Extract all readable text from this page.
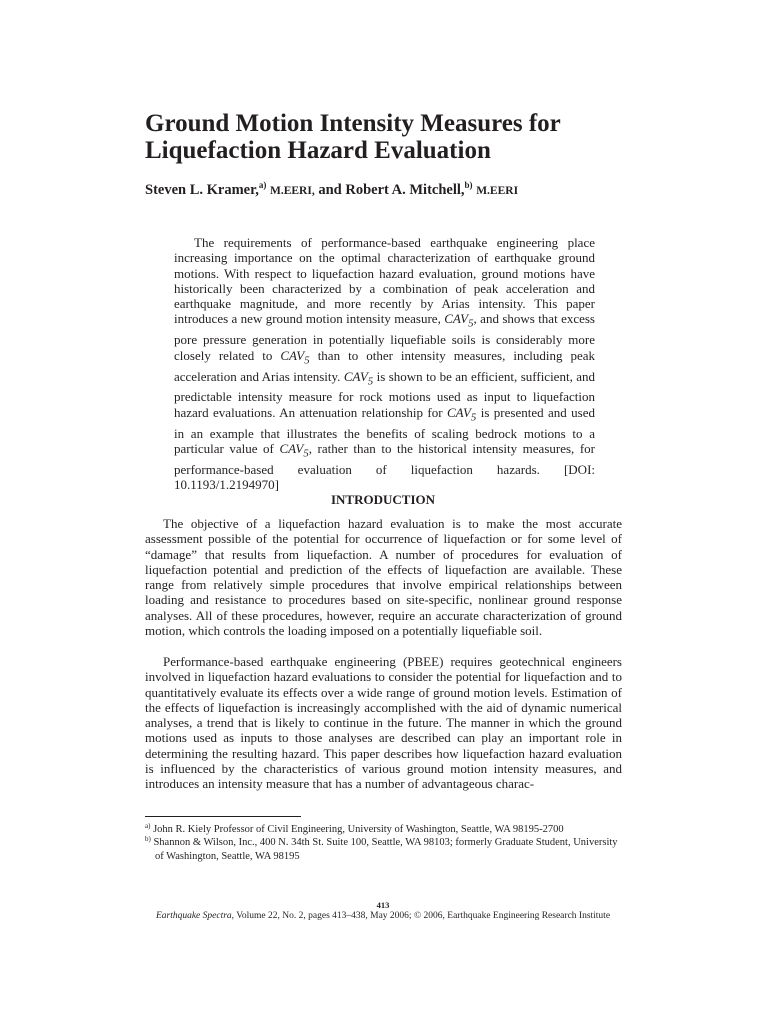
Ground Motion Intensity Measures for Liquefaction Hazard Evaluation

Steven L. Kramer,$^{a)}$ M.EERI, and Robert A. Mitchell,$^{b)}$ M.EERI

The requirements of performance-based earthquake engineering place increasing importance on the optimal characterization of earthquake ground motions. With respect to liquefaction hazard evaluation, ground motions have historically been characterized by a combination of peak acceleration and earthquake magnitude, and more recently by Arias intensity. This paper introduces a new ground motion intensity measure, $CAV_5$, and shows that excess pore pressure generation in potentially liquefiable soils is considerably more closely related to $CAV_5$ than to other intensity measures, including peak acceleration and Arias intensity. $CAV_5$ is shown to be an efficient, sufficient, and predictable intensity measure for rock motions used as input to liquefaction hazard evaluations. An attenuation relationship for $CAV_5$ is presented and used in an example that illustrates the benefits of scaling bedrock motions to a particular value of $CAV_5$, rather than to the historical intensity measures, for performance-based evaluation of liquefaction hazards. [DOI: 10.1193/1.2194970]

INTRODUCTION

The objective of a liquefaction hazard evaluation is to make the most accurate assessment possible of the potential for occurrence of liquefaction or for some level of “damage” that results from liquefaction. A number of procedures for evaluation of liquefaction potential and prediction of the effects of liquefaction are available. These range from relatively simple procedures that involve empirical relationships between loading and resistance to procedures based on site-specific, nonlinear ground response analyses. All of these procedures, however, require an accurate characterization of ground motion, which controls the loading imposed on a potentially liquefiable soil.

Performance-based earthquake engineering (PBEE) requires geotechnical engineers involved in liquefaction hazard evaluations to consider the potential for liquefaction and to quantitatively evaluate its effects over a wide range of ground motion levels. Estimation of the effects of liquefaction is increasingly accomplished with the aid of dynamic numerical analyses, a trend that is likely to continue in the future. The manner in which the ground motions used as inputs to those analyses are described can play an important role in determining the resulting hazard. This paper describes how liquefaction hazard evaluation is influenced by the characteristics of various ground motion intensity measures, and introduces an intensity measure that has a number of advantageous charac-

$^{a)}$ John R. Kiely Professor of Civil Engineering, University of Washington, Seattle, WA 98195-2700

$^{b)}$ Shannon & Wilson, Inc., 400 N. 34th St. Suite 100, Seattle, WA 98103; formerly Graduate Student, University of Washington, Seattle, WA 98195

413

Earthquake Spectra, Volume 22, No. 2, pages 413–438, May 2006; © 2006, Earthquake Engineering Research Institute
